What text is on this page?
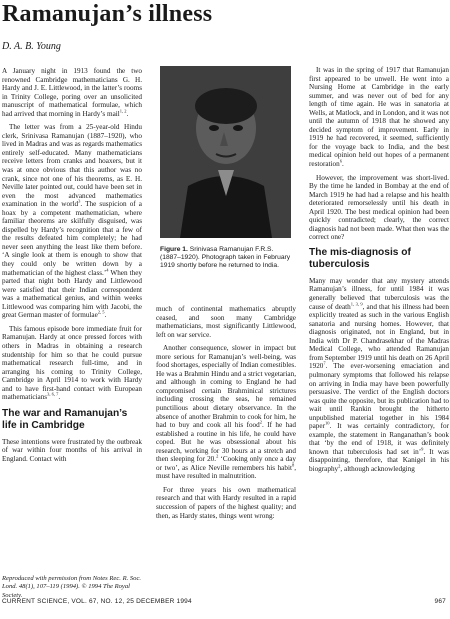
Ramanujan’s illness
D. A. B. Young

A January night in 1913 found the two renowned Cambridge mathematicians G. H. Hardy and J. E. Littlewood, in the latter’s rooms in Trinity College, poring over an unsolicited manuscript of mathematical formulae, which had arrived that morning in Hardy’s mail$^{1, 2}$.

The letter was from a 25-year-old Hindu clerk, Srinivasa Ramanujan (1887–1920), who lived in Madras and was as regards mathematics entirely self-educated. Many mathematicians receive letters from cranks and hoaxers, but it was at once obvious that this author was no crank, since not one of his theorems, as E. H. Neville later pointed out, could have been set in even the most advanced mathematics examination in the world$^3$. The suspicion of a hoax by a competent mathematician, where familiar theorems are skilfully disguised, was dispelled by Hardy’s recognition that a few of the results defeated him completely; he had never seen anything the least like them before. ‘A single look at them is enough to show that they could only be written down by a mathematician of the highest class.’$^4$ When they parted that night both Hardy and Littlewood were satisfied that their Indian correspondent was a mathematical genius, and within weeks Littlewood was comparing him with Jacobi, the great German master of formulae$^{2, 5}$.

This famous episode bore immediate fruit for Ramanujan. Hardy at once pressed forces with others in Madras in obtaining a research studentship for him so that he could pursue mathematical research full-time, and in arranging his coming to Trinity College, Cambridge in April 1914 to work with Hardy and to have first-hand contact with European mathematicians$^{3, 6, 7}$.

The war and Ramanujan’s life in Cambridge

These intentions were frustrated by the outbreak of war within four months of his arrival in England. Contact with

Figure 1. Srinivasa Ramanujan F.R.S. (1887–1920). Photograph taken in February 1919 shortly before he returned to India.

much of continental mathematics abruptly ceased, and soon many Cambridge mathematicians, most significantly Littlewood, left on war service.

Another consequence, slower in impact but more serious for Ramanujan’s well-being, was food shortages, especially of Indian comestibles. He was a Brahmin Hindu and a strict vegetarian, and although in coming to England he had compromised certain Brahminical strictures including crossing the seas, he remained punctilious about dietary observance. In the absence of another Brahmin to cook for him, he had to buy and cook all his food$^2$. If he had established a routine in his life, he could have coped. But he was obsessional about his research, working for 30 hours at a stretch and then sleeping for 20.$^2$ ‘Cooking only once a day or two’, as Alice Neville remembers his habit$^8$, must have resulted in malnutrition.

For three years his own mathematical research and that with Hardy resulted in a rapid succession of papers of the highest quality; and then, as Hardy states, things went wrong:

It was in the spring of 1917 that Ramanujan first appeared to be unwell. He went into a Nursing Home at Cambridge in the early summer, and was never out of bed for any length of time again. He was in sanatoria at Wells, at Matlock, and in London, and it was not until the autumn of 1918 that he showed any decided symptom of improvement. Early in 1919 he had recovered, it seemed, sufficiently for the voyage back to India, and the best medical opinion held out hopes of a permanent restoration$^6$.

However, the improvement was short-lived. By the time he landed in Bombay at the end of March 1919 he had had a relapse and his health deteriorated remorselessly until his death in April 1920. The best medical opinion had been quickly contradicted; clearly, the correct diagnosis had not been made. What then was the correct one?

The mis-diagnosis of tuberculosis

Many may wonder that any mystery attends Ramanujan’s illness, for until 1984 it was generally believed that tuberculosis was the cause of death$^{1, 3, 9}$, and that his illness had been explicitly treated as such in the various English sanatoria and nursing homes. However, that diagnosis originated, not in England, but in India with Dr P. Chandrasekhar of the Madras Medical College, who attended Ramanujan from September 1919 until his death on 26 April 1920$^7$. The ever-worsening emaciation and pulmonary symptoms that followed his relapse on arriving in India may have been powerfully persuasive. The verdict of the English doctors was quite the opposite, but its publication had to wait until Rankin brought the hitherto unpublished material together in his 1984 paper$^{10}$. It was certainly contradictory, for example, the statement in Ranganathan’s book that ‘by the end of 1918, it was definitely known that tuberculosis had set in’$^9$. It was disappointing, therefore, that Kanigel in his biography$^2$, although acknowledging

Reproduced with permission from Notes Rec. R. Soc. Lond. 48(1), 107–119 (1994). © 1994 The Royal Society.
CURRENT SCIENCE, VOL. 67, NO. 12, 25 DECEMBER 1994	967
